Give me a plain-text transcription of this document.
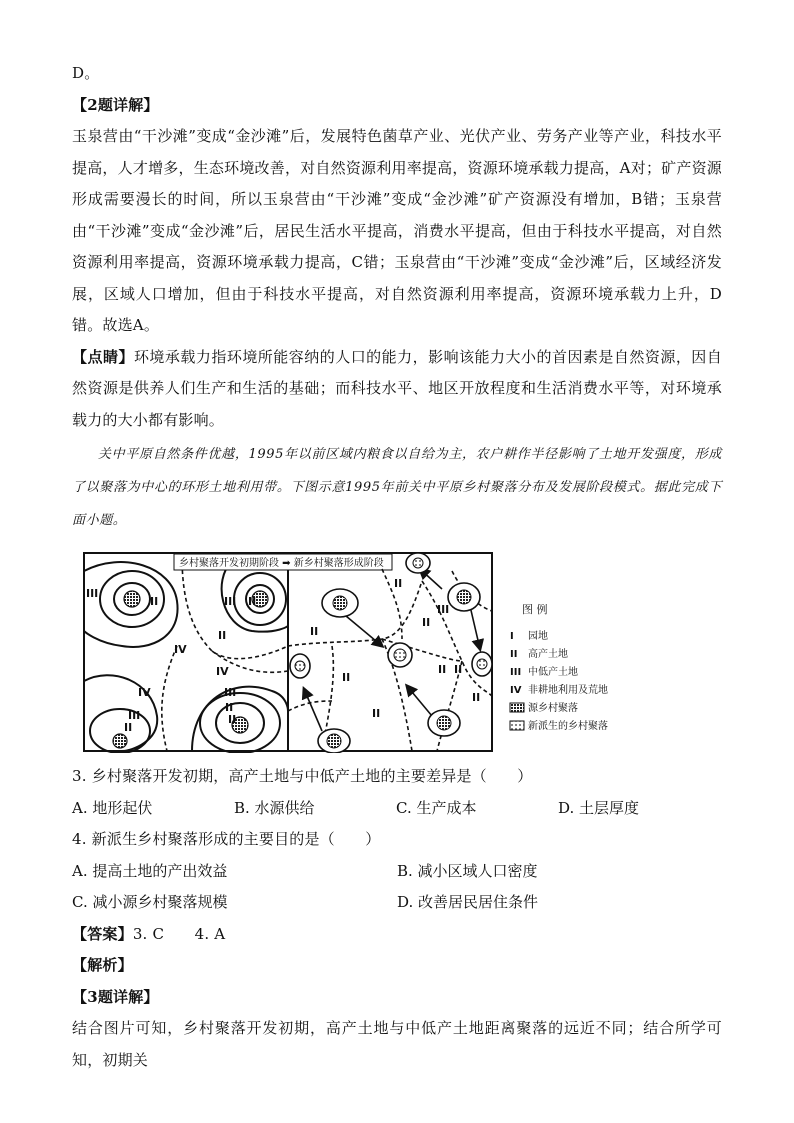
D。

【2题详解】

玉泉营由“干沙滩”变成“金沙滩”后，发展特色菌草产业、光伏产业、劳务产业等产业，科技水平提高，人才增多，生态环境改善，对自然资源利用率提高，资源环境承载力提高，A对；矿产资源形成需要漫长的时间，所以玉泉营由“干沙滩”变成“金沙滩”矿产资源没有增加，B错；玉泉营由“干沙滩”变成“金沙滩”后，居民生活水平提高，消费水平提高，但由于科技水平提高，对自然资源利用率提高，资源环境承载力提高，C错；玉泉营由“干沙滩”变成“金沙滩”后，区域经济发展，区域人口增加，但由于科技水平提高，对自然资源利用率提高，资源环境承载力上升，D错。故选A。

【点睛】环境承载力指环境所能容纳的人口的能力，影响该能力大小的首因素是自然资源，因自然资源是供养人们生产和生活的基础；而科技水平、地区开放程度和生活消费水平等，对环境承载力的大小都有影响。

关中平原自然条件优越，1995年以前区域内粮食以自给为主，农户耕作半径影响了土地开发强度，形成了以聚落为中心的环形土地利用带。下图示意1995年前关中平原乡村聚落分布及发展阶段模式。据此完成下面小题。

III
II	III II
II
IV
IV
IV
III
II
III
II
II
乡村聚落开发初期阶段 ➡ 新乡村聚落形成阶段
II
III
II
II
II
II II
II
II
图 例
I 园地
II 高产土地
III 中低产土地
IV 非耕地利用及荒地
源乡村聚落
新派生的乡村聚落

3. 乡村聚落开发初期，高产土地与中低产土地的主要差异是（　　）

A. 地形起伏	B. 水源供给	C. 生产成本	D. 土层厚度

4. 新派生乡村聚落形成的主要目的是（　　）

A. 提高土地的产出效益	B. 减小区域人口密度
C. 减小源乡村聚落规模	D. 改善居民居住条件

【答案】3. C　　4. A

【解析】

【3题详解】

结合图片可知，乡村聚落开发初期，高产土地与中低产土地距离聚落的远近不同；结合所学可知，初期关
